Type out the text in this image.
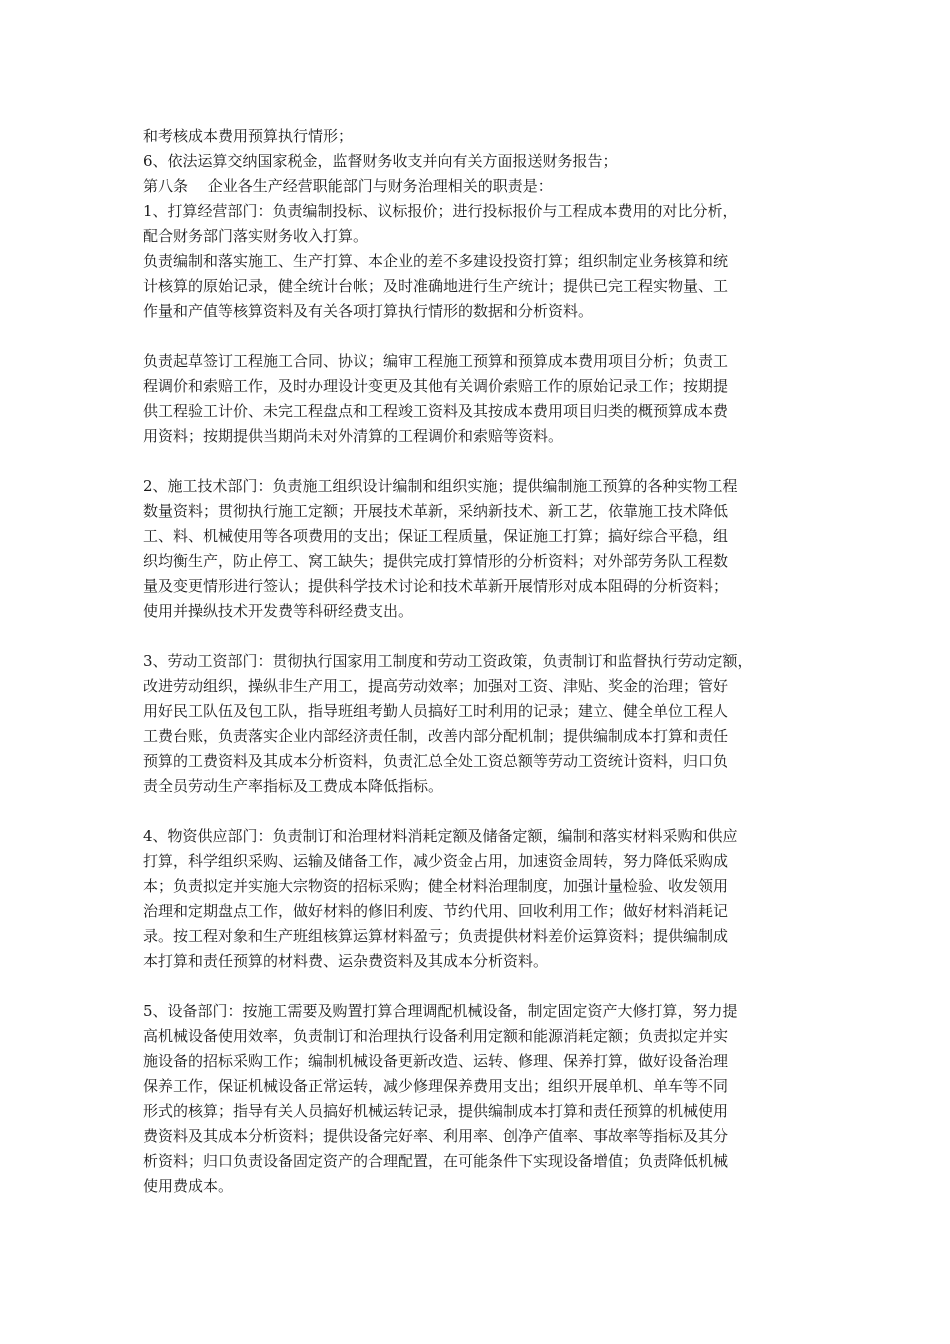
和考核成本费用预算执行情形；
6、依法运算交纳国家税金，监督财务收支并向有关方面报送财务报告；
第八条　 企业各生产经营职能部门与财务治理相关的职责是：
1、打算经营部门：负责编制投标、议标报价；进行投标报价与工程成本费用的对比分析，
配合财务部门落实财务收入打算。
负责编制和落实施工、生产打算、本企业的差不多建设投资打算；组织制定业务核算和统
计核算的原始记录，健全统计台帐；及时准确地进行生产统计；提供已完工程实物量、工
作量和产值等核算资料及有关各项打算执行情形的数据和分析资料。
负责起草签订工程施工合同、协议；编审工程施工预算和预算成本费用项目分析；负责工
程调价和索赔工作，及时办理设计变更及其他有关调价索赔工作的原始记录工作；按期提
供工程验工计价、未完工程盘点和工程竣工资料及其按成本费用项目归类的概预算成本费
用资料；按期提供当期尚未对外清算的工程调价和索赔等资料。
2、施工技术部门：负责施工组织设计编制和组织实施；提供编制施工预算的各种实物工程
数量资料；贯彻执行施工定额；开展技术革新，采纳新技术、新工艺，依靠施工技术降低
工、料、机械使用等各项费用的支出；保证工程质量，保证施工打算；搞好综合平稳，组
织均衡生产，防止停工、窝工缺失；提供完成打算情形的分析资料；对外部劳务队工程数
量及变更情形进行签认；提供科学技术讨论和技术革新开展情形对成本阻碍的分析资料；
使用并操纵技术开发费等科研经费支出。
3、劳动工资部门：贯彻执行国家用工制度和劳动工资政策，负责制订和监督执行劳动定额，
改进劳动组织，操纵非生产用工，提高劳动效率；加强对工资、津贴、奖金的治理；管好
用好民工队伍及包工队，指导班组考勤人员搞好工时利用的记录；建立、健全单位工程人
工费台账，负责落实企业内部经济责任制，改善内部分配机制；提供编制成本打算和责任
预算的工费资料及其成本分析资料，负责汇总全处工资总额等劳动工资统计资料，归口负
责全员劳动生产率指标及工费成本降低指标。
4、物资供应部门：负责制订和治理材料消耗定额及储备定额，编制和落实材料采购和供应
打算，科学组织采购、运输及储备工作，减少资金占用，加速资金周转，努力降低采购成
本；负责拟定并实施大宗物资的招标采购；健全材料治理制度，加强计量检验、收发领用
治理和定期盘点工作，做好材料的修旧利废、节约代用、回收利用工作；做好材料消耗记
录。按工程对象和生产班组核算运算材料盈亏；负责提供材料差价运算资料；提供编制成
本打算和责任预算的材料费、运杂费资料及其成本分析资料。
5、设备部门：按施工需要及购置打算合理调配机械设备，制定固定资产大修打算，努力提
高机械设备使用效率，负责制订和治理执行设备利用定额和能源消耗定额；负责拟定并实
施设备的招标采购工作；编制机械设备更新改造、运转、修理、保养打算，做好设备治理
保养工作，保证机械设备正常运转，减少修理保养费用支出；组织开展单机、单车等不同
形式的核算；指导有关人员搞好机械运转记录，提供编制成本打算和责任预算的机械使用
费资料及其成本分析资料；提供设备完好率、利用率、创净产值率、事故率等指标及其分
析资料；归口负责设备固定资产的合理配置，在可能条件下实现设备增值；负责降低机械
使用费成本。
